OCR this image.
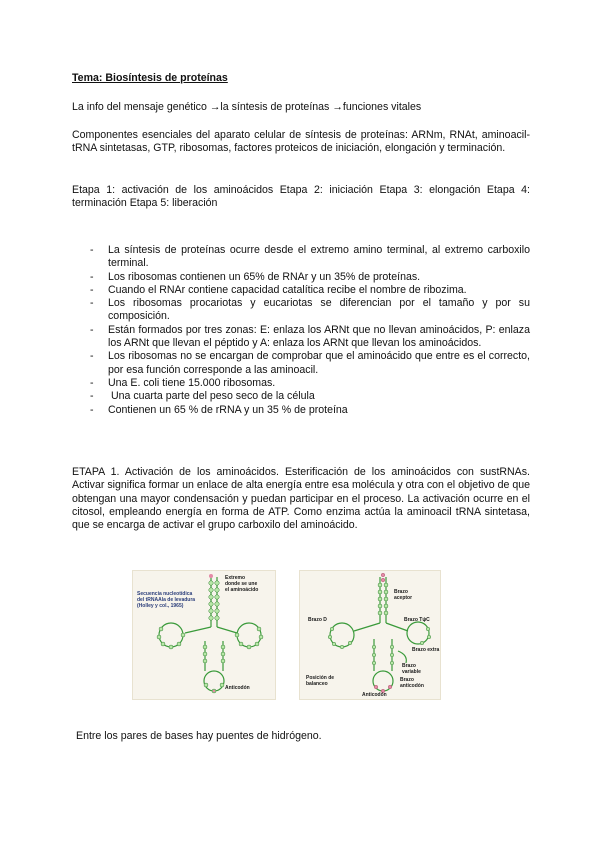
Tema: Biosíntesis de proteínas
La info del mensaje genético →la síntesis de proteínas →funciones vitales
Componentes esenciales del aparato celular de síntesis de proteínas: ARNm, RNAt, aminoacil-tRNA sintetasas, GTP, ribosomas, factores proteicos de iniciación, elongación y terminación.
Etapa 1: activación de los aminoácidos Etapa 2: iniciación Etapa 3: elongación Etapa 4: terminación Etapa 5: liberación
- La síntesis de proteínas ocurre desde el extremo amino terminal, al extremo carboxilo terminal.
- Los ribosomas contienen un 65% de RNAr y un 35% de proteínas.
- Cuando el RNAr contiene capacidad catalítica recibe el nombre de ribozima.
- Los ribosomas procariotas y eucariotas se diferencian por el tamaño y por su composición.
- Están formados por tres zonas: E: enlaza los ARNt que no llevan aminoácidos, P: enlaza los ARNt que llevan el péptido y A: enlaza los ARNt que llevan los aminoácidos.
- Los ribosomas no se encargan de comprobar que el aminoácido que entre es el correcto, por esa función corresponde a las aminoacil.
- Una E. coli tiene 15.000 ribosomas.
-  Una cuarta parte del peso seco de la célula
- Contienen un 65 % de rRNA y un 35 % de proteína
ETAPA 1. Activación de los aminoácidos. Esterificación de los aminoácidos con sustRNAs. Activar significa formar un enlace de alta energía entre esa molécula y otra con el objetivo de que obtengan una mayor condensación y puedan participar en el proceso. La activación ocurre en el citosol, empleando energía en forma de ATP. Como enzima actúa la aminoacil tRNA sintetasa, que se encarga de activar el grupo carboxilo del aminoácido.
Secuencia nucleotídica
del tRNAAla de levadura
(Holley y col., 1965)
Extremo
donde se une
el aminoácido
Anticodón
Brazo
aceptor
Brazo D	Brazo TψC
Brazo extra
Brazo
variable
Brazo
anticodón
Posición de
balanceo
Anticodón
Entre los pares de bases hay puentes de hidrógeno.
